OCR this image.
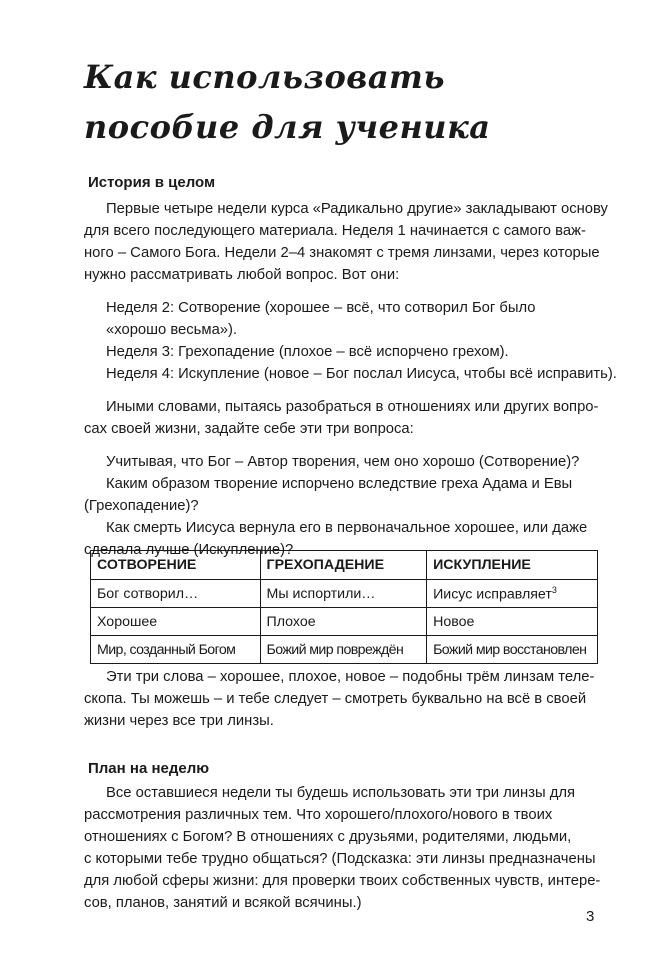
Как использовать
пособие для ученика
История в целом
Первые четыре недели курса «Радикально другие» закладывают основу
для всего последующего материала. Неделя 1 начинается с самого важ-
ного – Самого Бога. Недели 2–4 знакомят с тремя линзами, через которые
нужно рассматривать любой вопрос. Вот они:
Неделя 2: Сотворение (хорошее – всё, что сотворил Бог было
«хорошо весьма»).
Неделя 3: Грехопадение (плохое – всё испорчено грехом).
Неделя 4: Искупление (новое – Бог послал Иисуса, чтобы всё исправить).
Иными словами, пытаясь разобраться в отношениях или других вопро-
сах своей жизни, задайте себе эти три вопроса:
Учитывая, что Бог – Автор творения, чем оно хорошо (Сотворение)?
Каким образом творение испорчено вследствие греха Адама и Евы
(Грехопадение)?
Как смерть Иисуса вернула его в первоначальное хорошее, или даже
сделала лучше (Искупление)?
СОТВОРЕНИЕ	ГРЕХОПАДЕНИЕ	ИСКУПЛЕНИЕ
Бог сотворил…	Мы испортили…	Иисус исправляет$^3$
Хорошее	Плохое	Новое
Мир, созданный Богом	Божий мир повреждён	Божий мир восстановлен
Эти три слова – хорошее, плохое, новое – подобны трём линзам теле-
скопа. Ты можешь – и тебе следует – смотреть буквально на всё в своей
жизни через все три линзы.
План на неделю
Все оставшиеся недели ты будешь использовать эти три линзы для
рассмотрения различных тем. Что хорошего/плохого/нового в твоих
отношениях с Богом? В отношениях с друзьями, родителями, людьми,
с которыми тебе трудно общаться? (Подсказка: эти линзы предназначены
для любой сферы жизни: для проверки твоих собственных чувств, интере-
сов, планов, занятий и всякой всячины.)
3
